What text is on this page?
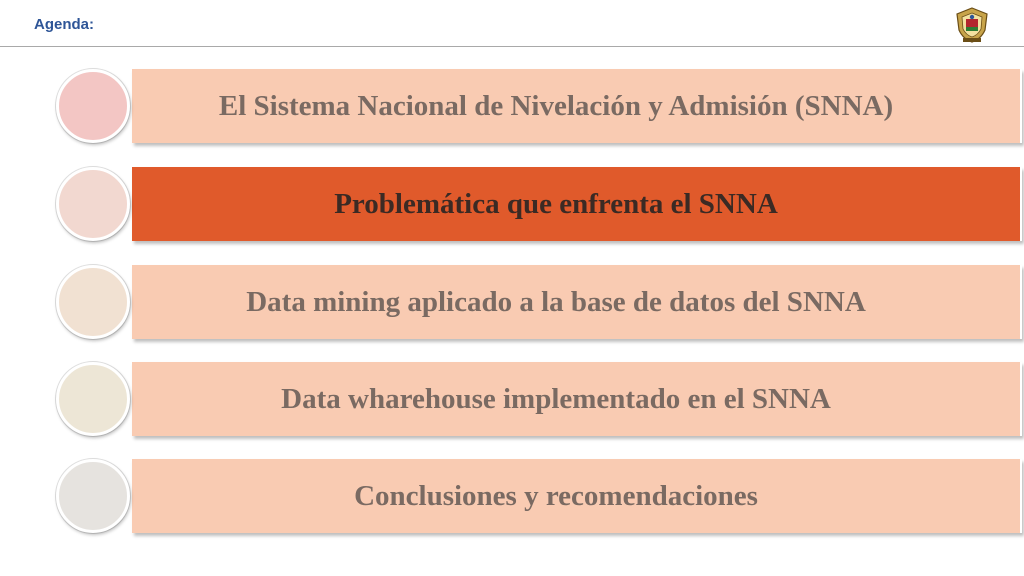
Agenda:
El Sistema Nacional de Nivelación y Admisión (SNNA)
Problemática que enfrenta el SNNA
Data mining aplicado a la base de datos del SNNA
Data wharehouse implementado en el SNNA
Conclusiones y recomendaciones
